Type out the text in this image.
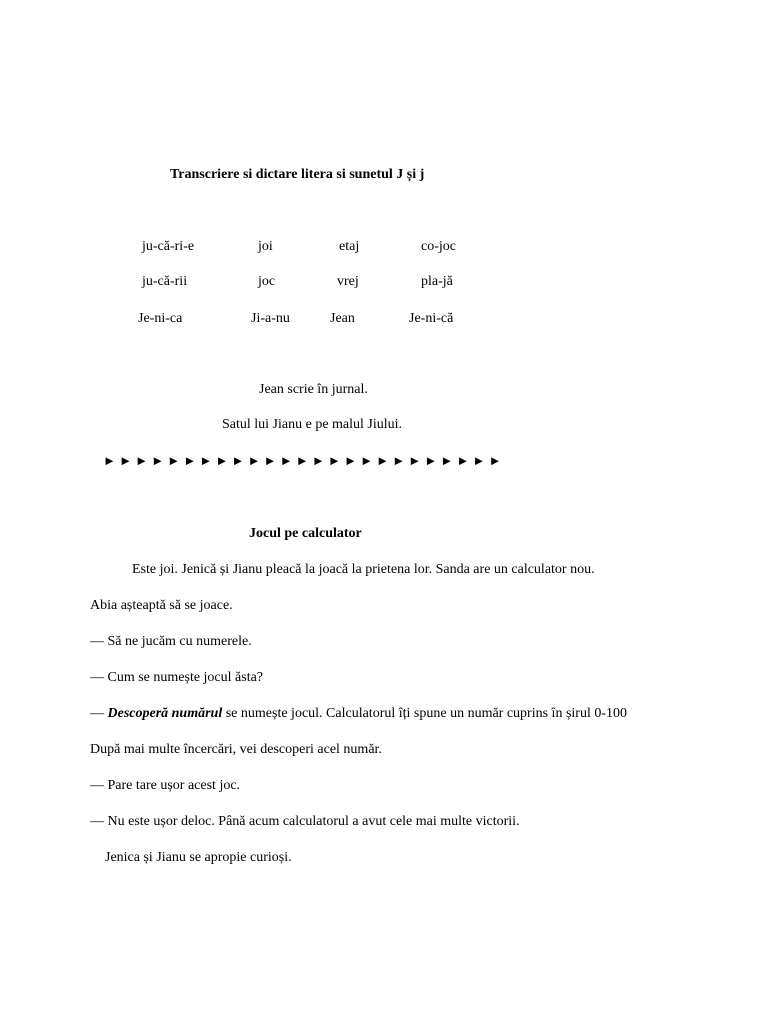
Transcriere si dictare litera si sunetul J și j
ju-că-ri-e	joi	etaj	co-joc
ju-că-rii	joc	vrej	pla-jă
Je-ni-ca	Ji-a-nu	Jean	Je-ni-că
Jean scrie în jurnal.
Satul lui Jianu e pe malul Jiului.
►►►►►►►►►►►►►►►►►►►►►►►►►
Jocul pe calculator
Este joi. Jenică și Jianu pleacă la joacă la prietena lor. Sanda are un calculator nou.
Abia așteaptă să se joace.
— Să ne jucăm cu numerele.
— Cum se numește jocul ăsta?
— Descoperă numărul se numește jocul. Calculatorul îți spune un număr cuprins în șirul 0-100
După mai multe încercări, vei descoperi acel număr.
— Pare tare ușor acest joc.
— Nu este ușor deloc. Până acum calculatorul a avut cele mai multe victorii.
Jenica și Jianu se apropie curioși.
